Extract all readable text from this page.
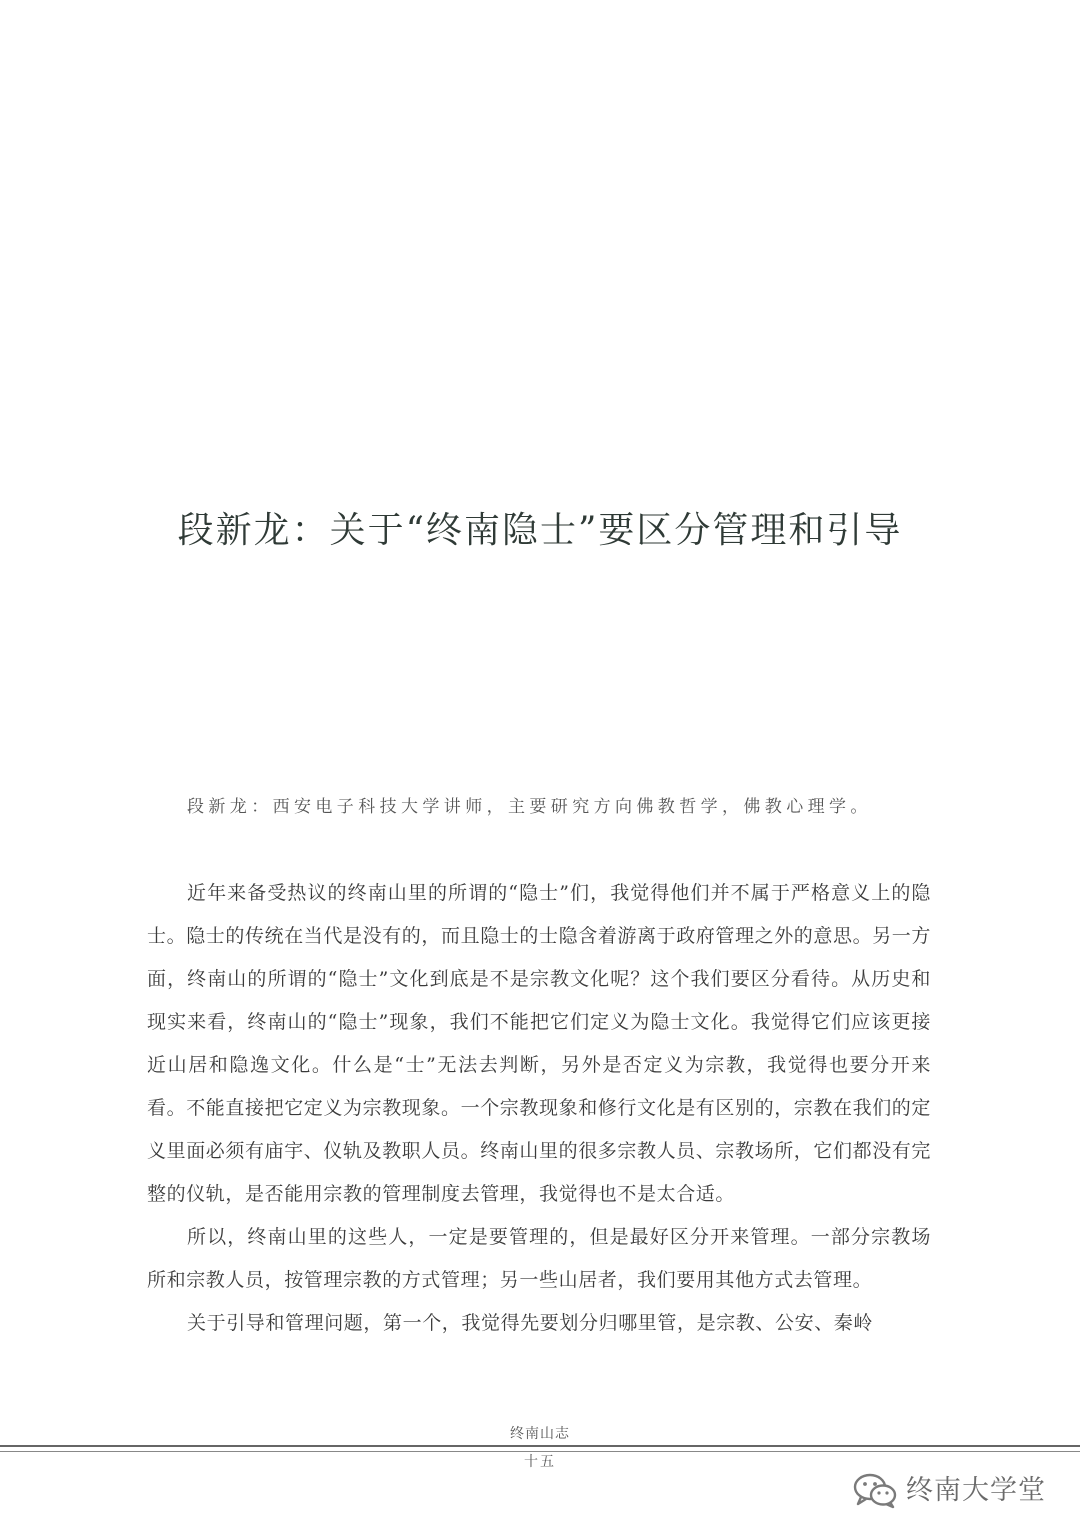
段新龙：关于“终南隐士”要区分管理和引导
段新龙：西安电子科技大学讲师，主要研究方向佛教哲学，佛教心理学。

近年来备受热议的终南山里的所谓的“隐士”们，我觉得他们并不属于严格意义上的隐士。隐士的传统在当代是没有的，而且隐士的士隐含着游离于政府管理之外的意思。另一方面，终南山的所谓的“隐士”文化到底是不是宗教文化呢？这个我们要区分看待。从历史和现实来看，终南山的“隐士”现象，我们不能把它们定义为隐士文化。我觉得它们应该更接近山居和隐逸文化。什么是“士”无法去判断，另外是否定义为宗教，我觉得也要分开来看。不能直接把它定义为宗教现象。一个宗教现象和修行文化是有区别的，宗教在我们的定义里面必须有庙宇、仪轨及教职人员。终南山里的很多宗教人员、宗教场所，它们都没有完整的仪轨，是否能用宗教的管理制度去管理，我觉得也不是太合适。

所以，终南山里的这些人，一定是要管理的，但是最好区分开来管理。一部分宗教场所和宗教人员，按管理宗教的方式管理；另一些山居者，我们要用其他方式去管理。

关于引导和管理问题，第一个，我觉得先要划分归哪里管，是宗教、公安、秦岭

终南山志
十五
终南大学堂
